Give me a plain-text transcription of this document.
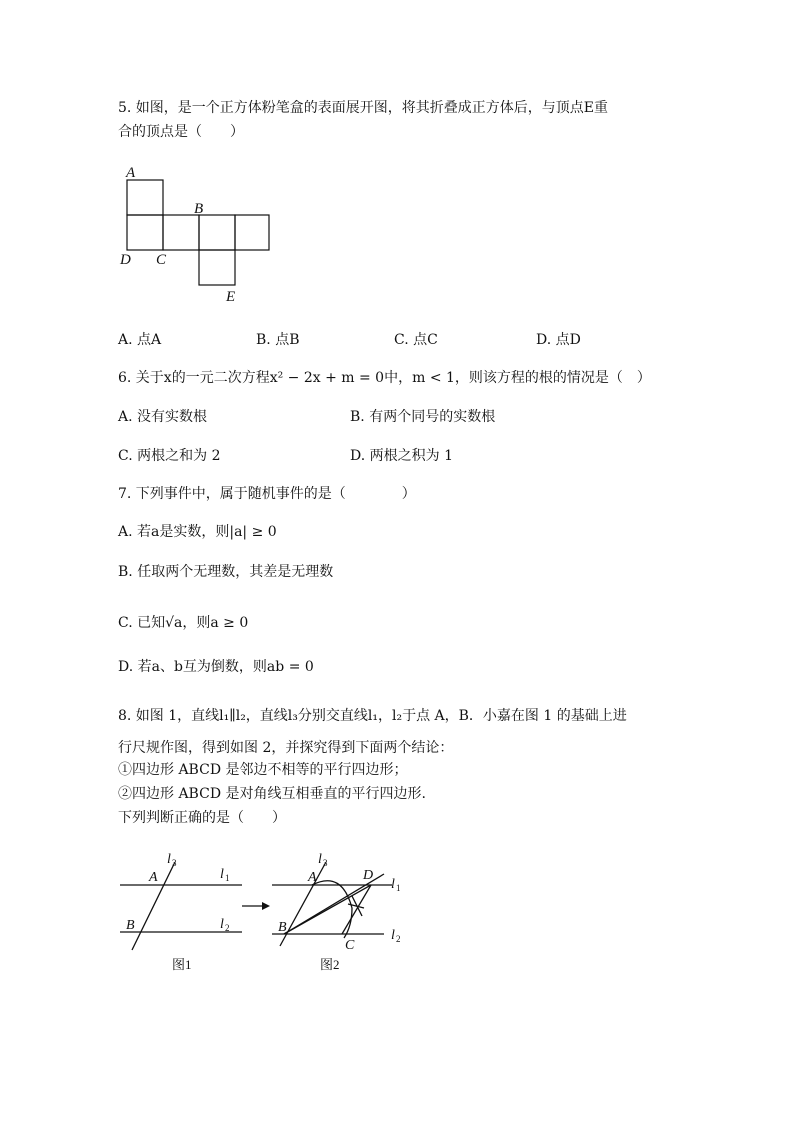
5. 如图，是一个正方体粉笔盒的表面展开图，将其折叠成正方体后，与顶点E重
合的顶点是（　　）
A
B
C
D
E
A. 点A	B. 点B	C. 点C	D. 点D
6. 关于x的一元二次方程x² − 2x + m = 0中，m < 1，则该方程的根的情况是（　）
A. 没有实数根	B. 有两个同号的实数根
C. 两根之和为 2	D. 两根之积为 1
7. 下列事件中，属于随机事件的是（　　　　）
A. 若a是实数，则|a| ≥ 0
B. 任取两个无理数，其差是无理数
C. 已知√a，则a ≥ 0
D. 若a、b互为倒数，则ab = 0
8. 如图 1，直线l₁∥l₂，直线l₃分别交直线l₁，l₂于点 A，B．小嘉在图 1 的基础上进
行尺规作图，得到如图 2，并探究得到下面两个结论：
①四边形 ABCD 是邻边不相等的平行四边形；
②四边形 ABCD 是对角线互相垂直的平行四边形.
下列判断正确的是（　　）
A
B
l 1
l 2
l 3
图1
A
B
C
D
l 1
l 2
l 3
图2
